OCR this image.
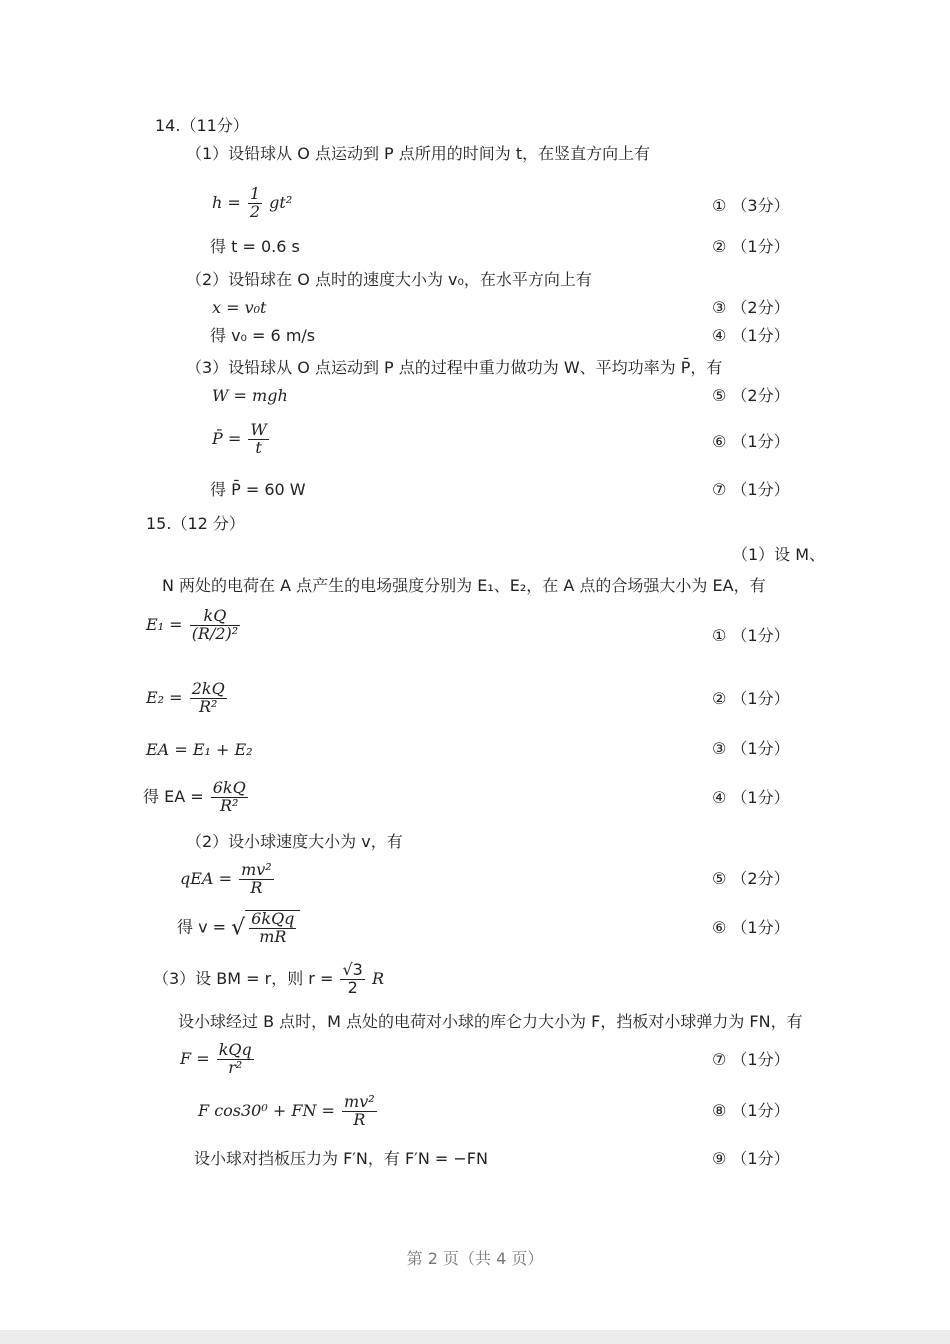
14.（11分）
（1）设铅球从 O 点运动到 P 点所用的时间为 t，在竖直方向上有
$h = \frac{1}{2} gt^2$	① （3分）
得 t = 0.6 s	② （1分）
（2）设铅球在 O 点时的速度大小为 v₀，在水平方向上有
x = v₀t	③ （2分）
得 v₀ = 6 m/s	④ （1分）
（3）设铅球从 O 点运动到 P 点的过程中重力做功为 W、平均功率为 P̄，有
W = mgh	⑤ （2分）
P̄ = $\frac{W}{t}$	⑥ （1分）
得 P̄ = 60 W	⑦ （1分）
15.（12 分）
（1）设 M、
N 两处的电荷在 A 点产生的电场强度分别为 E₁、E₂，在 A 点的合场强大小为 EA，有
$E_1 = \frac{kQ}{\text{(R/2)²}}$	① （1分）
$E_2 = \frac{2kQ}{\text{R²}}$	② （1分）
EA = E₁ + E₂	③ （1分）
得 EA = $\frac{6kQ}{\text{R²}}$	④ （1分）
（2）设小球速度大小为 v，有
qEA = $\frac{\text{mv²}}{R}$	⑤ （2分）
得 v = √ $\frac{\text{6kQq}}{mR}$	⑥ （1分）
（3）设 BM = r，则 $r = \frac{√3}{2}$ R
设小球经过 B 点时，M 点处的电荷对小球的库仑力大小为 F，挡板对小球弹力为 FN，有
$F = \frac{\text{kQq}}{\text{r²}}$	⑦ （1分）
F cos30⁰ + FN = $\frac{\text{mv²}}{R}$	⑧ （1分）
设小球对挡板压力为 F′N，有 F′N = −FN	⑨ （1分）
第 2 页（共 4 页）
